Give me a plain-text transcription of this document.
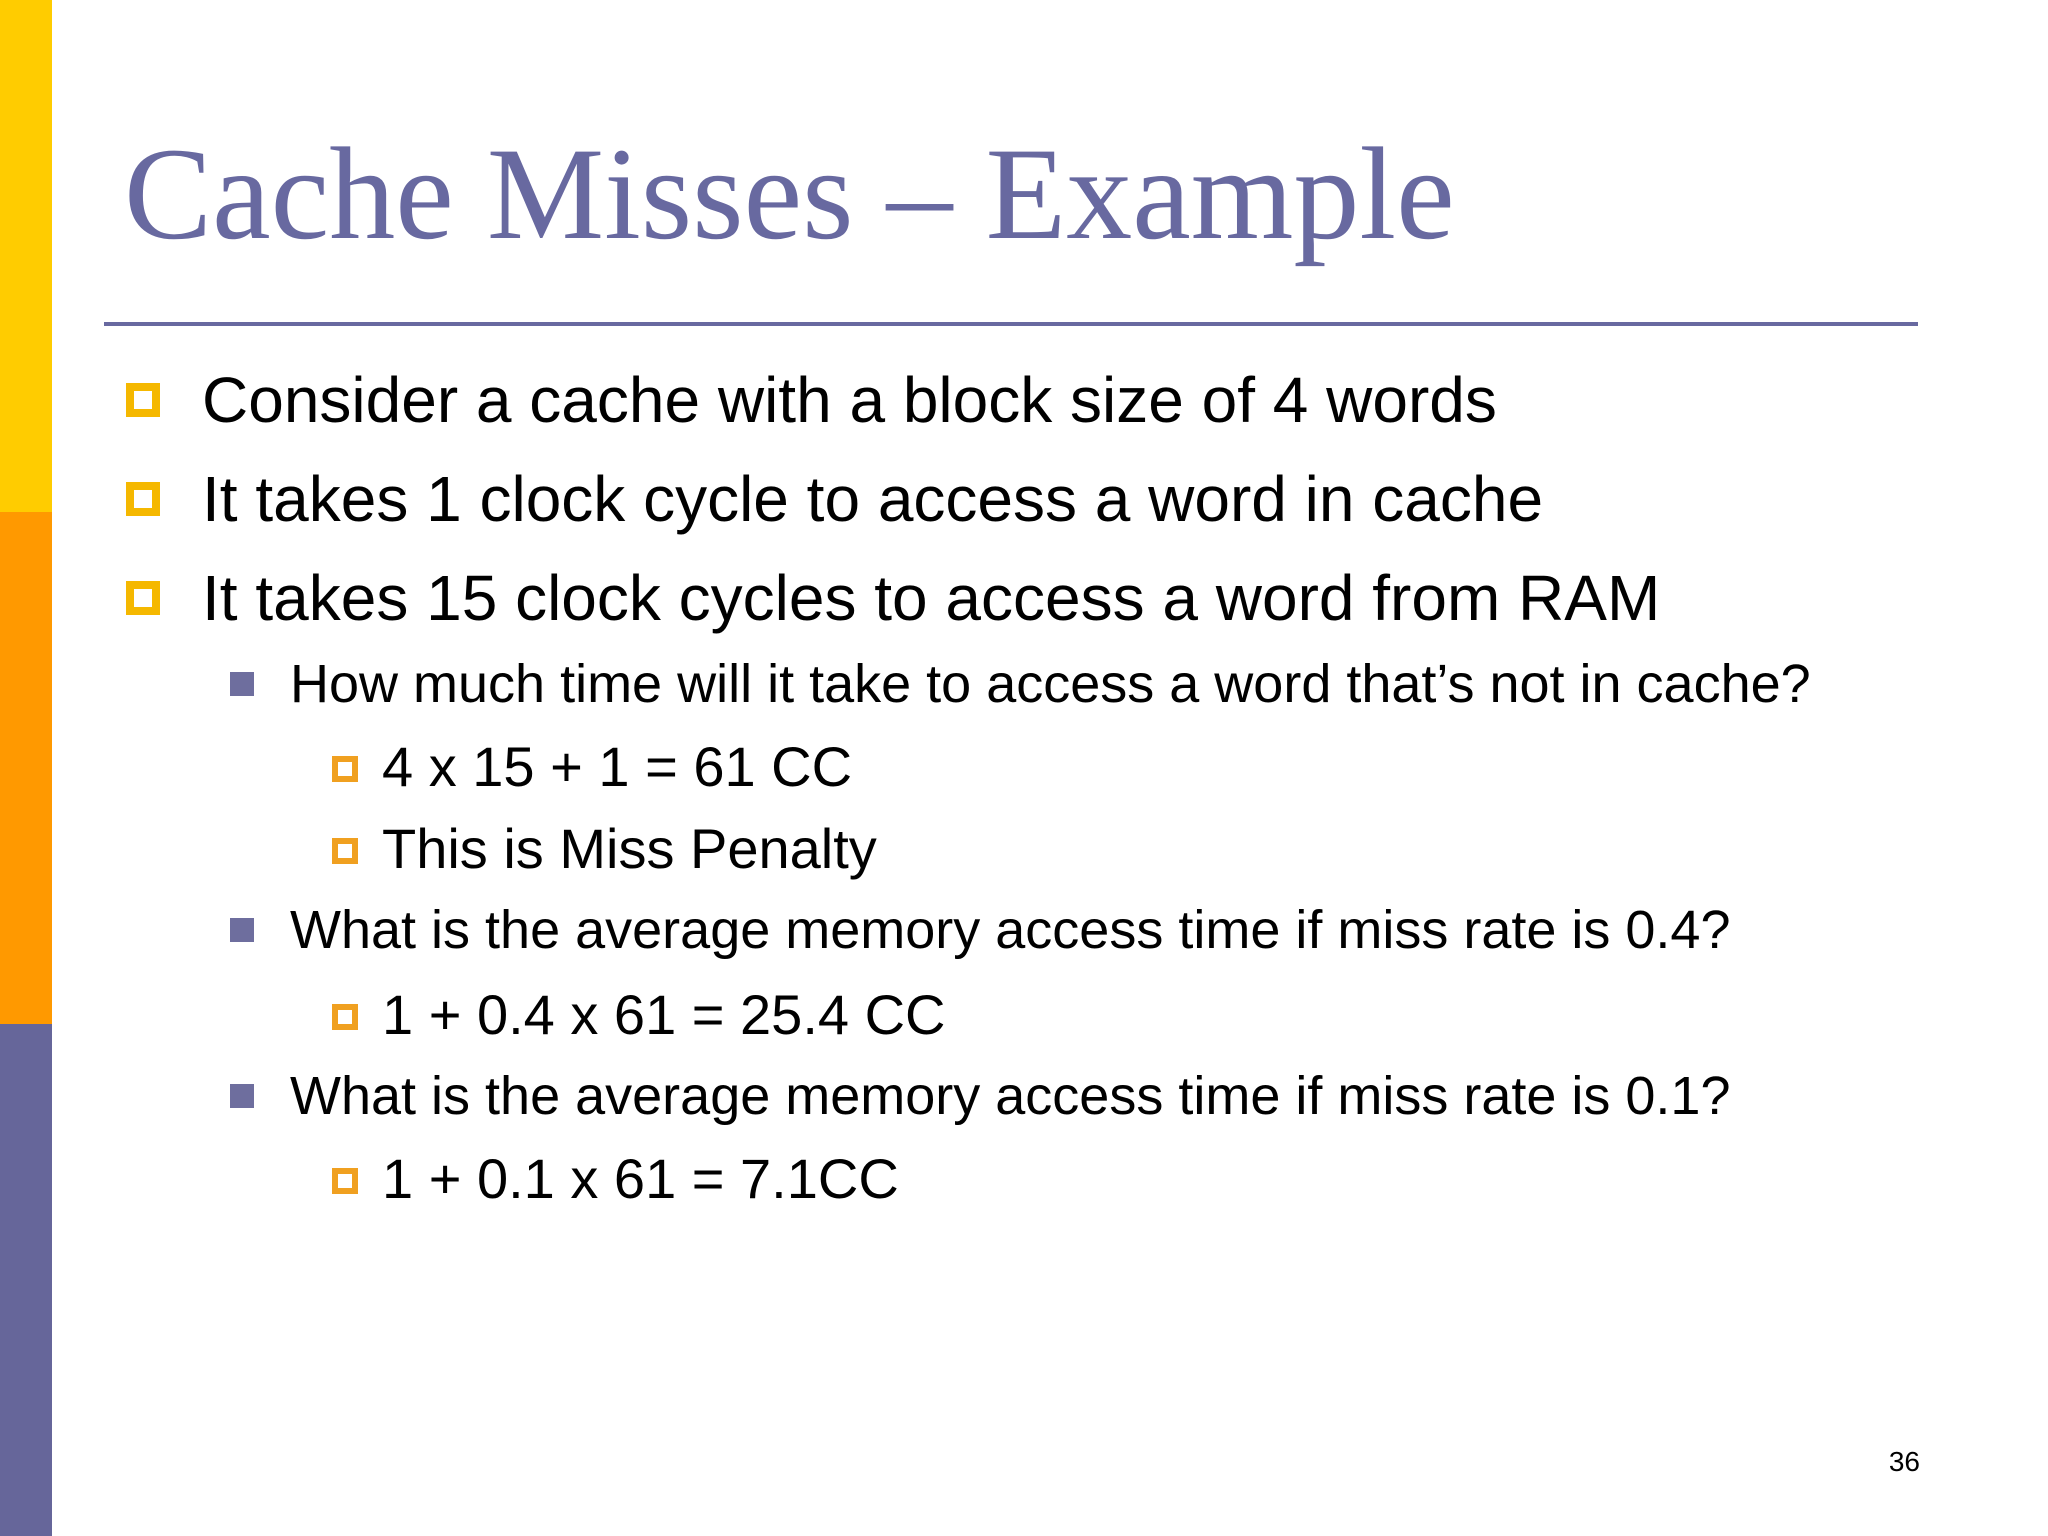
Cache Misses – Example
Consider a cache with a block size of 4 words
It takes 1 clock cycle to access a word in cache
It takes 15 clock cycles to access a word from RAM
How much time will it take to access a word that’s not in cache?
4 x 15 + 1 = 61 CC
This is Miss Penalty
What is the average memory access time if miss rate is 0.4?
1 + 0.4 x 61 = 25.4 CC
What is the average memory access time if miss rate is 0.1?
1 + 0.1 x 61 = 7.1CC
36
